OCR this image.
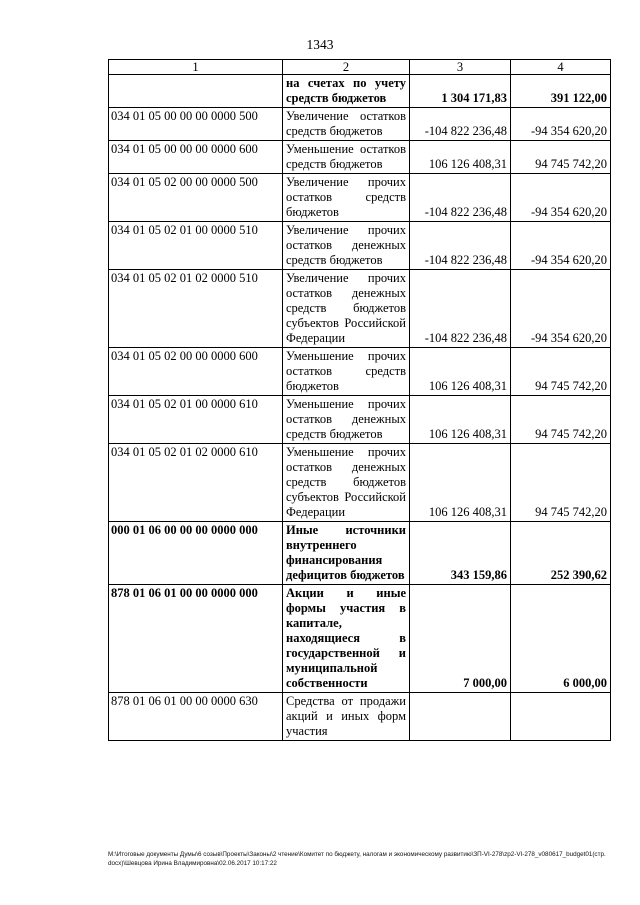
1343
1	2	3	4
	на счетах по учету средств бюджетов	1 304 171,83	391 122,00
034 01 05 00 00 00 0000 500	Увеличение остатков средств бюджетов	-104 822 236,48	-94 354 620,20
034 01 05 00 00 00 0000 600	Уменьшение остатков средств бюджетов	106 126 408,31	94 745 742,20
034 01 05 02 00 00 0000 500	Увеличение прочих остатков средств бюджетов	-104 822 236,48	-94 354 620,20
034 01 05 02 01 00 0000 510	Увеличение прочих остатков денежных средств бюджетов	-104 822 236,48	-94 354 620,20
034 01 05 02 01 02 0000 510	Увеличение прочих остатков денежных средств бюджетов субъектов Российской Федерации	-104 822 236,48	-94 354 620,20
034 01 05 02 00 00 0000 600	Уменьшение прочих остатков средств бюджетов	106 126 408,31	94 745 742,20
034 01 05 02 01 00 0000 610	Уменьшение прочих остатков денежных средств бюджетов	106 126 408,31	94 745 742,20
034 01 05 02 01 02 0000 610	Уменьшение прочих остатков денежных средств бюджетов субъектов Российской Федерации	106 126 408,31	94 745 742,20
000 01 06 00 00 00 0000 000	Иные источники внутреннего финансирования дефицитов бюджетов	343 159,86	252 390,62
878 01 06 01 00 00 0000 000	Акции и иные формы участия в капитале, находящиеся в государственной и муниципальной собственности	7 000,00	6 000,00
878 01 06 01 00 00 0000 630	Средства от продажи акций и иных форм участия		
М:\Итоговые документы Думы\6 созыв\Проекты\Законы\2 чтение\Комитет по бюджету, налогам и экономическому развитию\ЗП-VI-278\zp2-VI-278_v080617_budget01(стр. docx)\Шевцова Ирина Владимировна\02.06.2017 10:17:22
